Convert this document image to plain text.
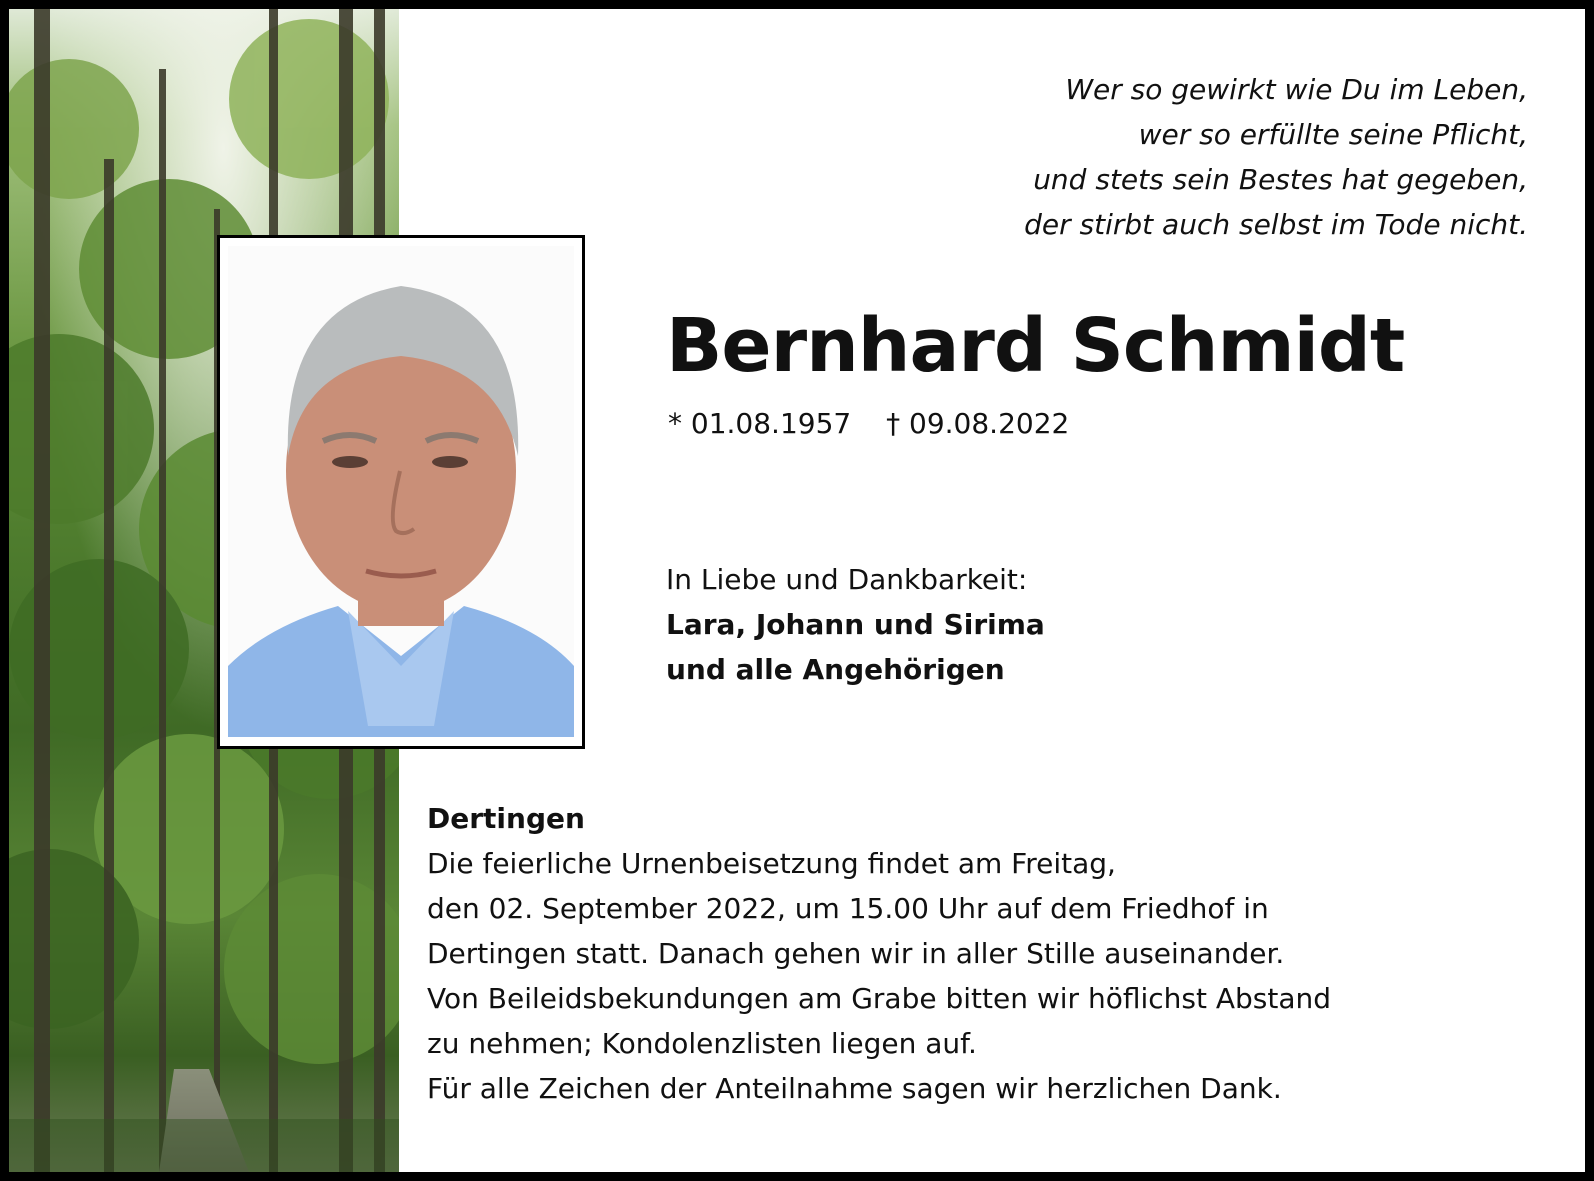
Wer so gewirkt wie Du im Leben,
wer so erfüllte seine Pflicht,
und stets sein Bestes hat gegeben,
der stirbt auch selbst im Tode nicht.
Bernhard Schmidt
* 01.08.1957 † 09.08.2022
In Liebe und Dankbarkeit:
Lara, Johann und Sirima
und alle Angehörigen
Dertingen
Die feierliche Urnenbeisetzung findet am Freitag,
den 02. September 2022, um 15.00 Uhr auf dem Friedhof in
Dertingen statt. Danach gehen wir in aller Stille auseinander.
Von Beileidsbekundungen am Grabe bitten wir höflichst Abstand
zu nehmen; Kondolenzlisten liegen auf.
Für alle Zeichen der Anteilnahme sagen wir herzlichen Dank.
